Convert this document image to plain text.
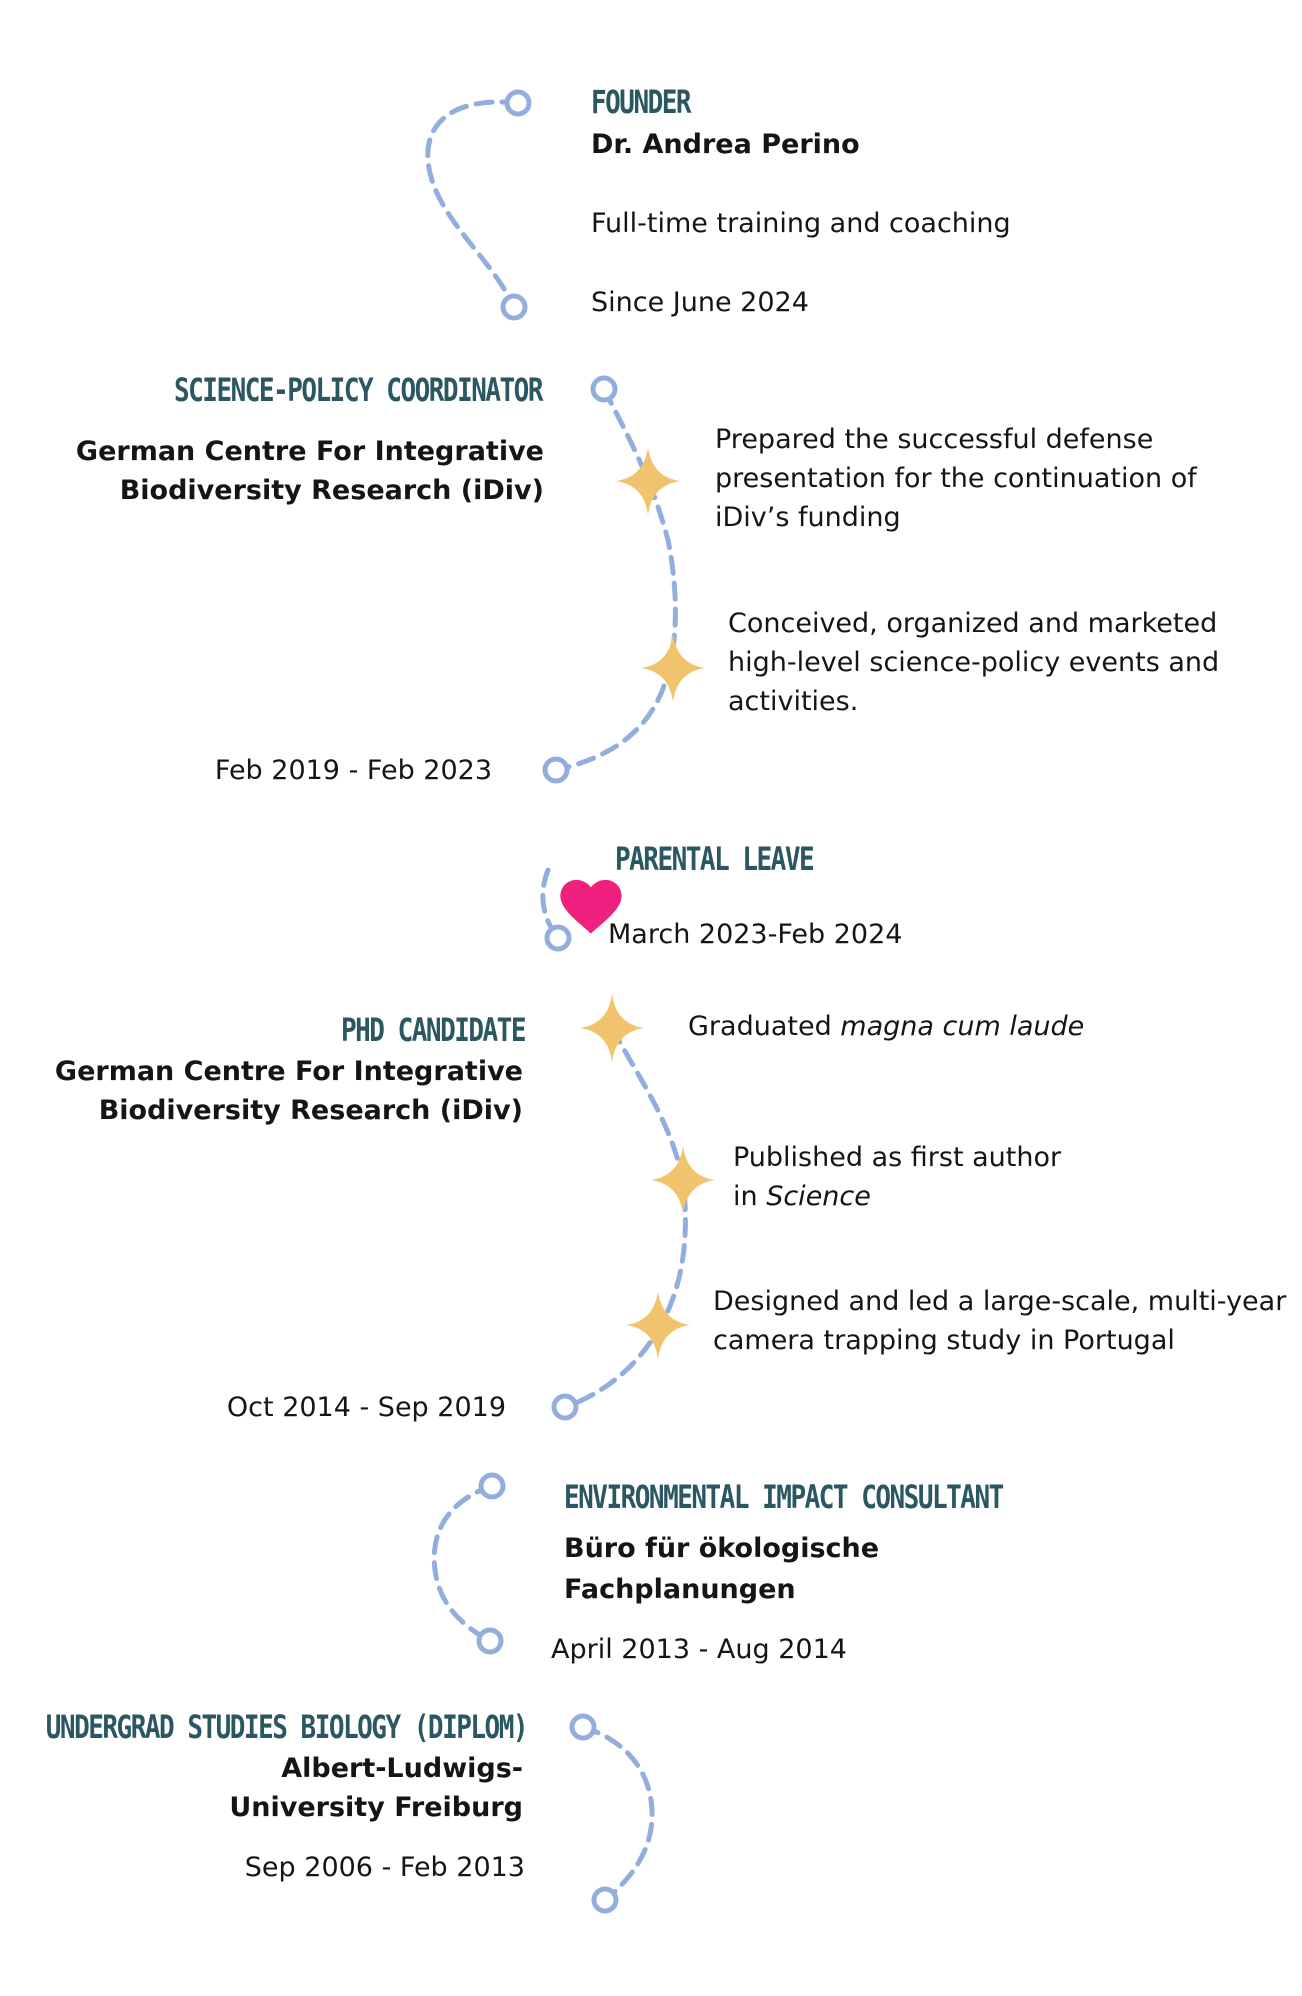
FOUNDER
Dr. Andrea Perino
Full-time training and coaching
Since June 2024
SCIENCE-POLICY COORDINATOR
German Centre For Integrative
Biodiversity Research (iDiv)
Prepared the successful defense
presentation for the continuation of
iDiv’s funding
Conceived, organized and marketed
high-level science-policy events and
activities.
Feb 2019 - Feb 2023
PARENTAL LEAVE
March 2023-Feb 2024
PHD CANDIDATE
German Centre For Integrative
Biodiversity Research (iDiv)
Graduated magna cum laude
Published as first author
in Science
Designed and led a large-scale, multi-year
camera trapping study in Portugal
Oct 2014 - Sep 2019
ENVIRONMENTAL IMPACT CONSULTANT
Büro für ökologische
Fachplanungen
April 2013 - Aug 2014
UNDERGRAD STUDIES BIOLOGY (DIPLOM)
Albert-Ludwigs-
University Freiburg
Sep 2006 - Feb 2013
